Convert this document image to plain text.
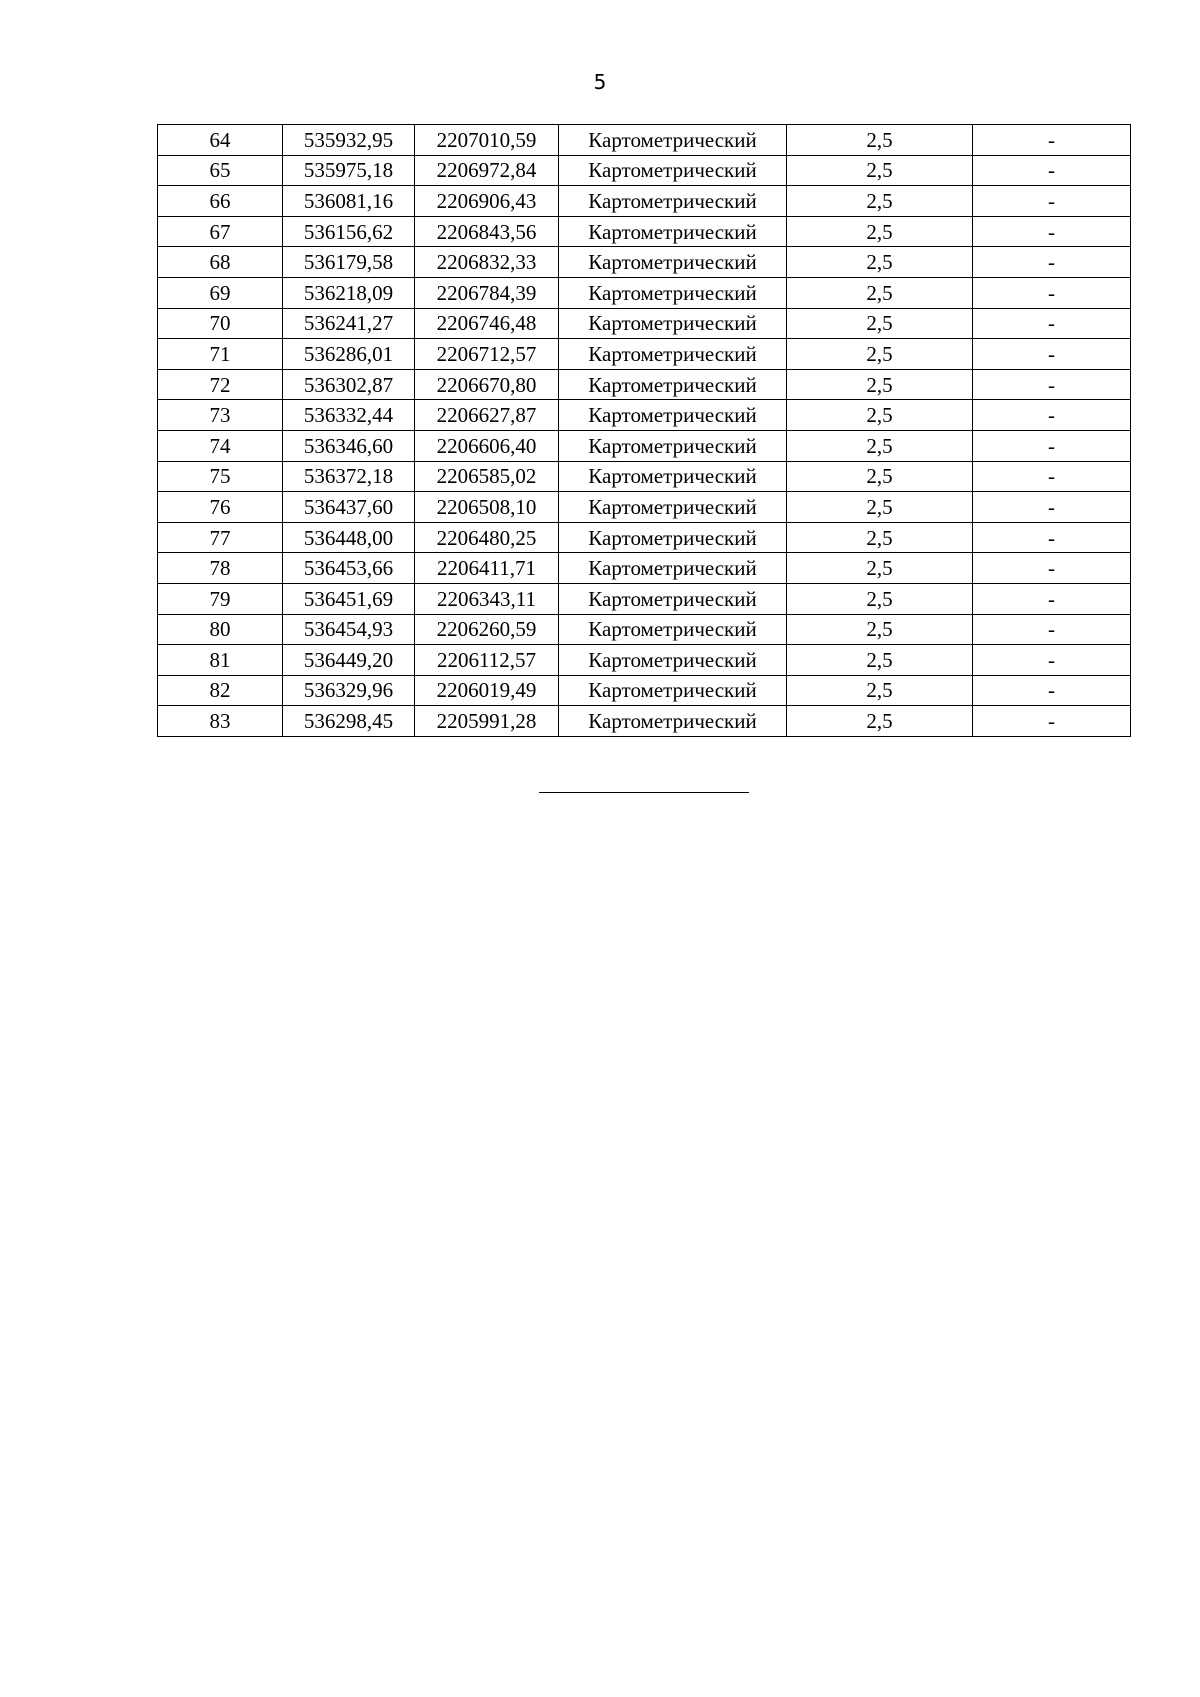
5
64	535932,95	2207010,59	Картометрический	2,5	-
65	535975,18	2206972,84	Картометрический	2,5	-
66	536081,16	2206906,43	Картометрический	2,5	-
67	536156,62	2206843,56	Картометрический	2,5	-
68	536179,58	2206832,33	Картометрический	2,5	-
69	536218,09	2206784,39	Картометрический	2,5	-
70	536241,27	2206746,48	Картометрический	2,5	-
71	536286,01	2206712,57	Картометрический	2,5	-
72	536302,87	2206670,80	Картометрический	2,5	-
73	536332,44	2206627,87	Картометрический	2,5	-
74	536346,60	2206606,40	Картометрический	2,5	-
75	536372,18	2206585,02	Картометрический	2,5	-
76	536437,60	2206508,10	Картометрический	2,5	-
77	536448,00	2206480,25	Картометрический	2,5	-
78	536453,66	2206411,71	Картометрический	2,5	-
79	536451,69	2206343,11	Картометрический	2,5	-
80	536454,93	2206260,59	Картометрический	2,5	-
81	536449,20	2206112,57	Картометрический	2,5	-
82	536329,96	2206019,49	Картометрический	2,5	-
83	536298,45	2205991,28	Картометрический	2,5	-
